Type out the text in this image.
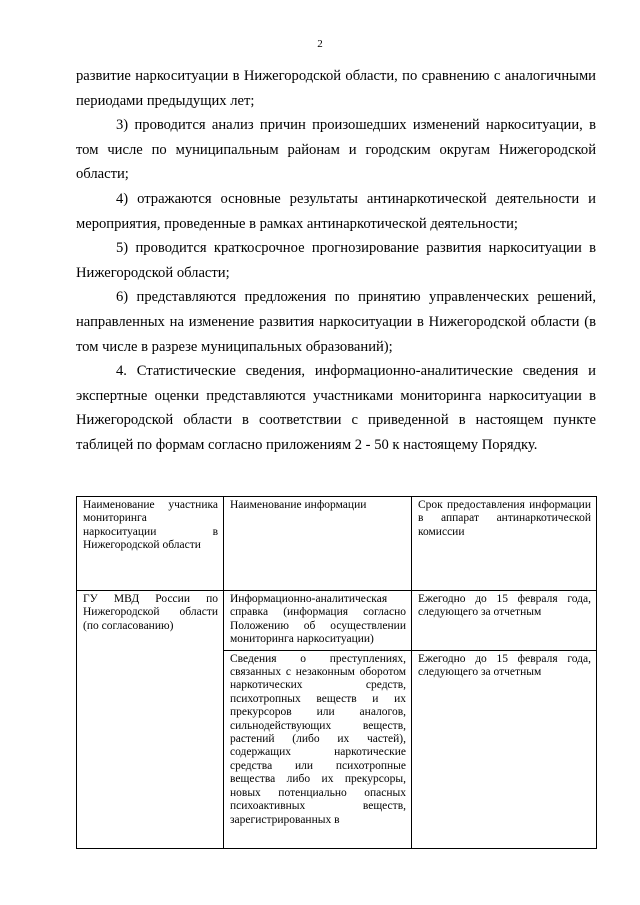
2

развитие наркоситуации в Нижегородской области, по сравнению с аналогичными периодами предыдущих лет;

3) проводится анализ причин произошедших изменений наркоситуации, в том числе по муниципальным районам и городским округам Нижегородской области;

4) отражаются основные результаты антинаркотической деятельности и мероприятия, проведенные в рамках антинаркотической деятельности;

5) проводится краткосрочное прогнозирование развития наркоситуации в Нижегородской области;

6) представляются предложения по принятию управленческих решений, направленных на изменение развития наркоситуации в Нижегородской области (в том числе в разрезе муниципальных образований);

4. Статистические сведения, информационно-аналитические сведения и экспертные оценки представляются участниками мониторинга наркоситуации в Нижегородской области в соответствии с приведенной в настоящем пункте таблицей по формам согласно приложениям 2 - 50 к настоящему Порядку.

Наименование участника мониторинга наркоситуации в Нижегородской области	Наименование информации	Срок предоставления информации в аппарат антинаркотической комиссии
ГУ МВД России по Нижегородской области (по согласованию)	Информационно-аналитическая справка (информация согласно Положению об осуществлении мониторинга наркоситуации)	Ежегодно до 15 февраля года, следующего за отчетным

	Сведения о преступлениях, связанных с незаконным оборотом наркотических средств, психотропных веществ и их прекурсоров или аналогов, сильнодействующих веществ, растений (либо их частей), содержащих наркотические средства или психотропные вещества либо их прекурсоры, новых потенциально опасных психоактивных веществ, зарегистрированных в	Ежегодно до 15 февраля года, следующего за отчетным
